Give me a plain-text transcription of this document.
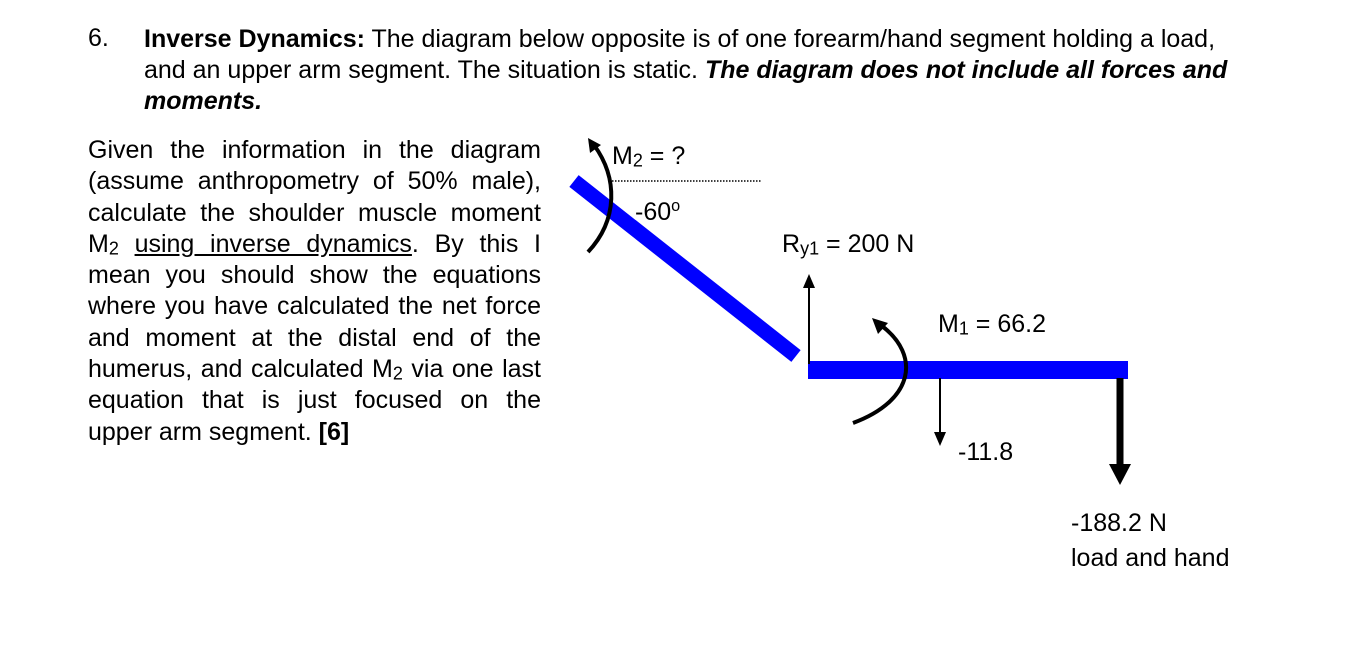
6. Inverse Dynamics: The diagram below opposite is of one forearm/hand segment holding a load, and an upper arm segment. The situation is static. The diagram does not include all forces and moments.
Given the information in the diagram (assume anthropometry of 50% male), calculate the shoulder muscle moment $M_2$ using inverse dynamics. By this I mean you should show the equations where you have calculated the net force and moment at the distal end of the humerus, and calculated $M_2$ via one last equation that is just focused on the upper arm segment. [6]
$M_2$ = ?
-60$^o$
$R_{y1} = 200$ N
$M_1 = 66.2$
-11.8
-188.2 N
load and hand
